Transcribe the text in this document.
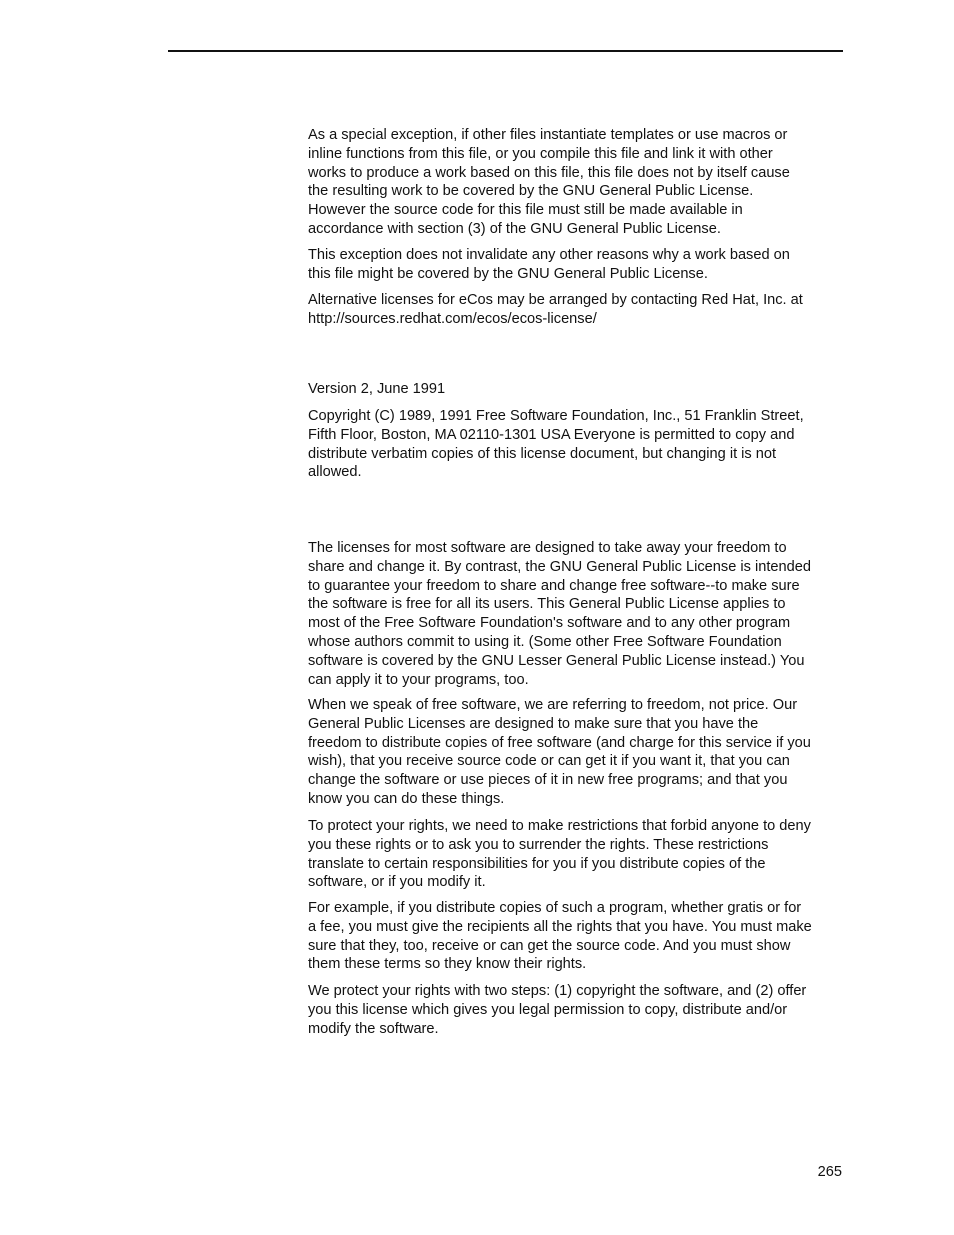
As a special exception, if other files instantiate templates or use macros or
inline functions from this file, or you compile this file and link it with other
works to produce a work based on this file, this file does not by itself cause
the resulting work to be covered by the GNU General Public License.
However the source code for this file must still be made available in
accordance with section (3) of the GNU General Public License.

This exception does not invalidate any other reasons why a work based on
this file might be covered by the GNU General Public License.

Alternative licenses for eCos may be arranged by contacting Red Hat, Inc. at
http://sources.redhat.com/ecos/ecos-license/

Version 2, June 1991

Copyright (C) 1989, 1991 Free Software Foundation, Inc., 51 Franklin Street,
Fifth Floor, Boston, MA 02110-1301 USA Everyone is permitted to copy and
distribute verbatim copies of this license document, but changing it is not
allowed.

The licenses for most software are designed to take away your freedom to
share and change it. By contrast, the GNU General Public License is intended
to guarantee your freedom to share and change free software--to make sure
the software is free for all its users. This General Public License applies to
most of the Free Software Foundation's software and to any other program
whose authors commit to using it. (Some other Free Software Foundation
software is covered by the GNU Lesser General Public License instead.) You
can apply it to your programs, too.

When we speak of free software, we are referring to freedom, not price. Our
General Public Licenses are designed to make sure that you have the
freedom to distribute copies of free software (and charge for this service if you
wish), that you receive source code or can get it if you want it, that you can
change the software or use pieces of it in new free programs; and that you
know you can do these things.

To protect your rights, we need to make restrictions that forbid anyone to deny
you these rights or to ask you to surrender the rights. These restrictions
translate to certain responsibilities for you if you distribute copies of the
software, or if you modify it.

For example, if you distribute copies of such a program, whether gratis or for
a fee, you must give the recipients all the rights that you have. You must make
sure that they, too, receive or can get the source code. And you must show
them these terms so they know their rights.

We protect your rights with two steps: (1) copyright the software, and (2) offer
you this license which gives you legal permission to copy, distribute and/or
modify the software.

265
